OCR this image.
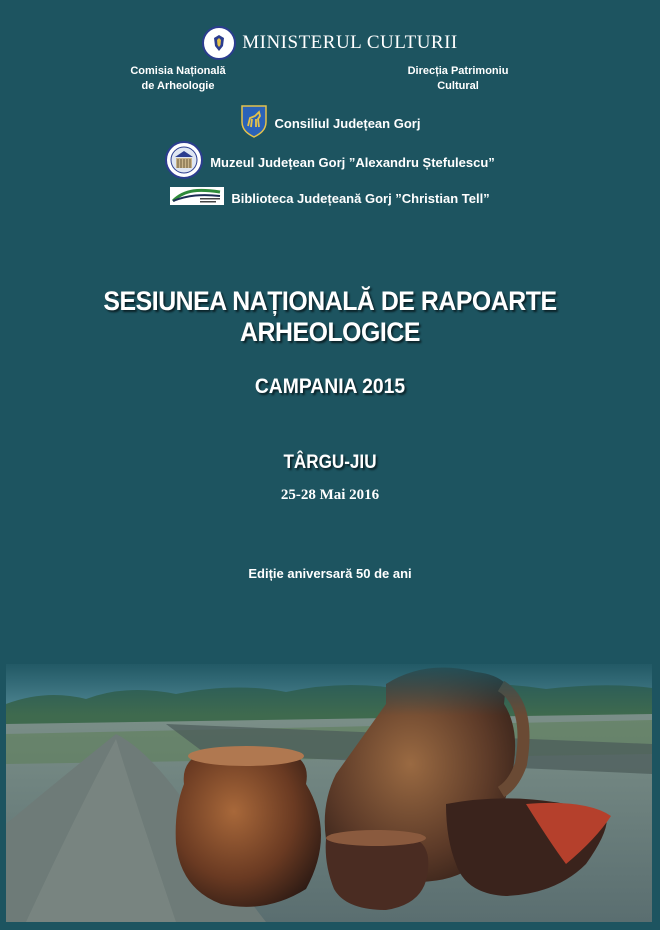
MINISTERUL CULTURII
Comisia Națională
de Arheologie
Direcția Patrimoniu
Cultural
Consiliul Județean Gorj
Muzeul Județean Gorj ”Alexandru Ștefulescu”
Biblioteca Județeană Gorj ”Christian Tell”
SESIUNEA NAȚIONALĂ DE RAPOARTE ARHEOLOGICE
CAMPANIA 2015
TÂRGU-JIU
25-28 Mai 2016
Ediție aniversară 50 de ani
